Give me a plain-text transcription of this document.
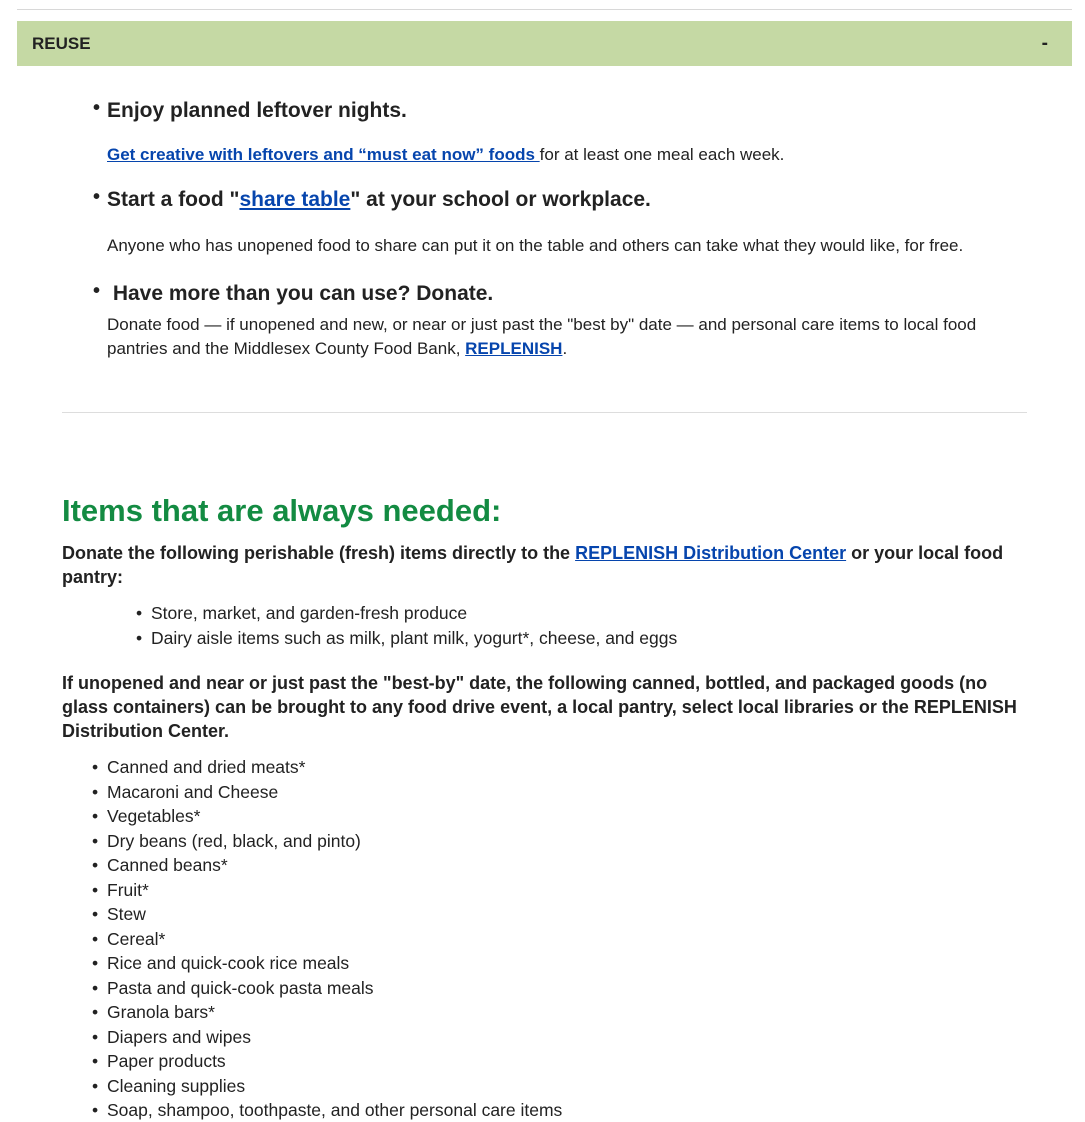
REUSE	-
• Enjoy planned leftover nights.
Get creative with leftovers and “must eat now” foods for at least one meal each week.
• Start a food "share table" at your school or workplace.
Anyone who has unopened food to share can put it on the table and others can take what they would like, for free.
• Have more than you can use? Donate.
Donate food — if unopened and new, or near or just past the "best by" date — and personal care items to local food pantries and the Middlesex County Food Bank, REPLENISH.
Items that are always needed:

Donate the following perishable (fresh) items directly to the REPLENISH Distribution Center or your local food pantry:

• Store, market, and garden-fresh produce
• Dairy aisle items such as milk, plant milk, yogurt*, cheese, and eggs

If unopened and near or just past the "best-by" date, the following canned, bottled, and packaged goods (no glass containers) can be brought to any food drive event, a local pantry, select local libraries or the REPLENISH Distribution Center.

• Canned and dried meats*
• Macaroni and Cheese
• Vegetables*
• Dry beans (red, black, and pinto)
• Canned beans*
• Fruit*
• Stew
• Cereal*
• Rice and quick-cook rice meals
• Pasta and quick-cook pasta meals
• Granola bars*
• Diapers and wipes
• Paper products
• Cleaning supplies
• Soap, shampoo, toothpaste, and other personal care items
